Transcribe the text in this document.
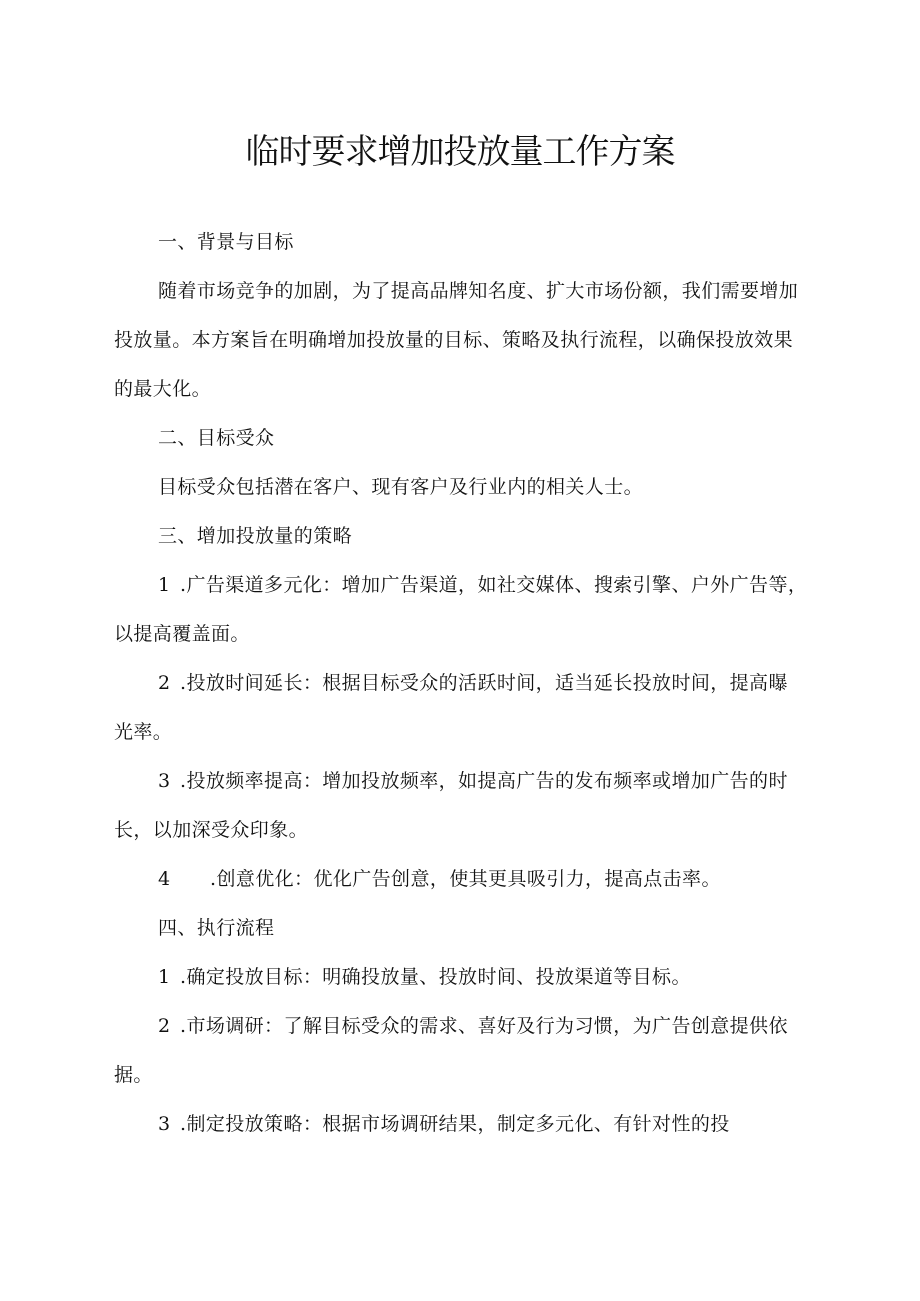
临时要求增加投放量工作方案

一、背景与目标

随着市场竞争的加剧，为了提高品牌知名度、扩大市场份额，我们需要增加

投放量。本方案旨在明确增加投放量的目标、策略及执行流程，以确保投放效果

的最大化。

二、目标受众

目标受众包括潜在客户、现有客户及行业内的相关人士。

三、增加投放量的策略

1 .广告渠道多元化：增加广告渠道，如社交媒体、搜索引擎、户外广告等，

以提高覆盖面。

2 .投放时间延长：根据目标受众的活跃时间，适当延长投放时间，提高曝

光率。

3 .投放频率提高：增加投放频率，如提高广告的发布频率或增加广告的时

长，以加深受众印象。

4 .创意优化：优化广告创意，使其更具吸引力，提高点击率。

四、执行流程

1 .确定投放目标：明确投放量、投放时间、投放渠道等目标。

2 .市场调研：了解目标受众的需求、喜好及行为习惯，为广告创意提供依

据。

3 .制定投放策略：根据市场调研结果，制定多元化、有针对性的投
